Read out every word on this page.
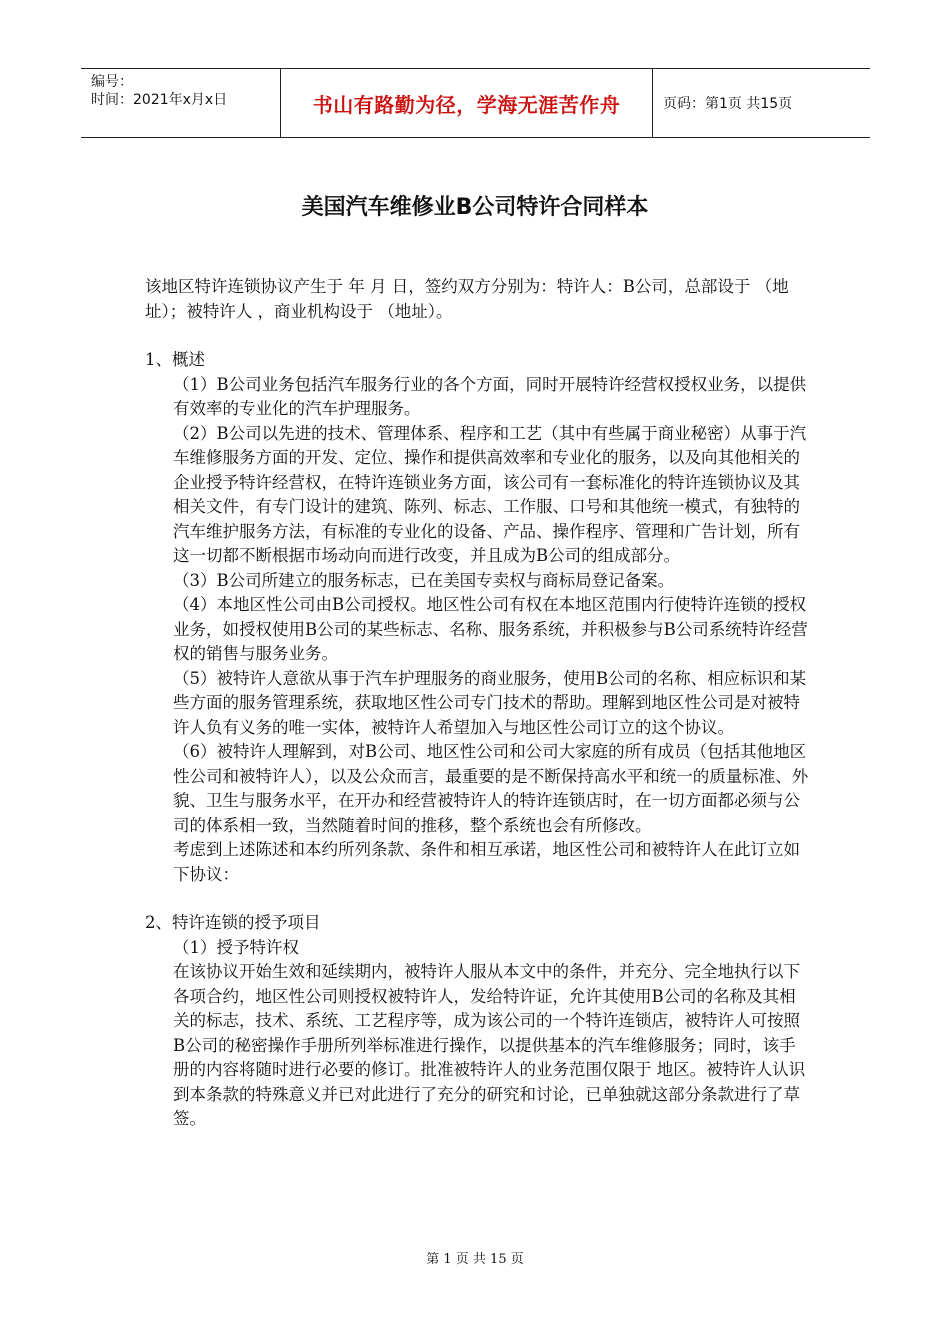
编号：
时间：2021年x月x日	书山有路勤为径，学海无涯苦作舟	页码：第1页 共15页
美国汽车维修业B公司特许合同样本

该地区特许连锁协议产生于 年 月 日，签约双方分别为：特许人：B公司，总部设于 （地址）；被特许人 ，商业机构设于 （地址）。

1、概述

（1）B公司业务包括汽车服务行业的各个方面，同时开展特许经营权授权业务，以提供有效率的专业化的汽车护理服务。

（2）B公司以先进的技术、管理体系、程序和工艺（其中有些属于商业秘密）从事于汽车维修服务方面的开发、定位、操作和提供高效率和专业化的服务，以及向其他相关的企业授予特许经营权，在特许连锁业务方面，该公司有一套标准化的特许连锁协议及其相关文件，有专门设计的建筑、陈列、标志、工作服、口号和其他统一模式，有独特的汽车维护服务方法，有标准的专业化的设备、产品、操作程序、管理和广告计划，所有这一切都不断根据市场动向而进行改变，并且成为B公司的组成部分。

（3）B公司所建立的服务标志，已在美国专卖权与商标局登记备案。

（4）本地区性公司由B公司授权。地区性公司有权在本地区范围内行使特许连锁的授权业务，如授权使用B公司的某些标志、名称、服务系统，并积极参与B公司系统特许经营权的销售与服务业务。

（5）被特许人意欲从事于汽车护理服务的商业服务，使用B公司的名称、相应标识和某些方面的服务管理系统，获取地区性公司专门技术的帮助。理解到地区性公司是对被特许人负有义务的唯一实体，被特许人希望加入与地区性公司订立的这个协议。

（6）被特许人理解到，对B公司、地区性公司和公司大家庭的所有成员（包括其他地区性公司和被特许人），以及公众而言，最重要的是不断保持高水平和统一的质量标准、外貌、卫生与服务水平，在开办和经营被特许人的特许连锁店时，在一切方面都必须与公司的体系相一致，当然随着时间的推移，整个系统也会有所修改。

考虑到上述陈述和本约所列条款、条件和相互承诺，地区性公司和被特许人在此订立如下协议：

2、特许连锁的授予项目

（1）授予特许权

在该协议开始生效和延续期内，被特许人服从本文中的条件，并充分、完全地执行以下各项合约，地区性公司则授权被特许人，发给特许证，允许其使用B公司的名称及其相关的标志，技术、系统、工艺程序等，成为该公司的一个特许连锁店，被特许人可按照B公司的秘密操作手册所列举标准进行操作，以提供基本的汽车维修服务；同时，该手册的内容将随时进行必要的修订。批准被特许人的业务范围仅限于 地区。被特许人认识到本条款的特殊意义并已对此进行了充分的研究和讨论，已单独就这部分条款进行了草签。

第 1 页 共 15 页
